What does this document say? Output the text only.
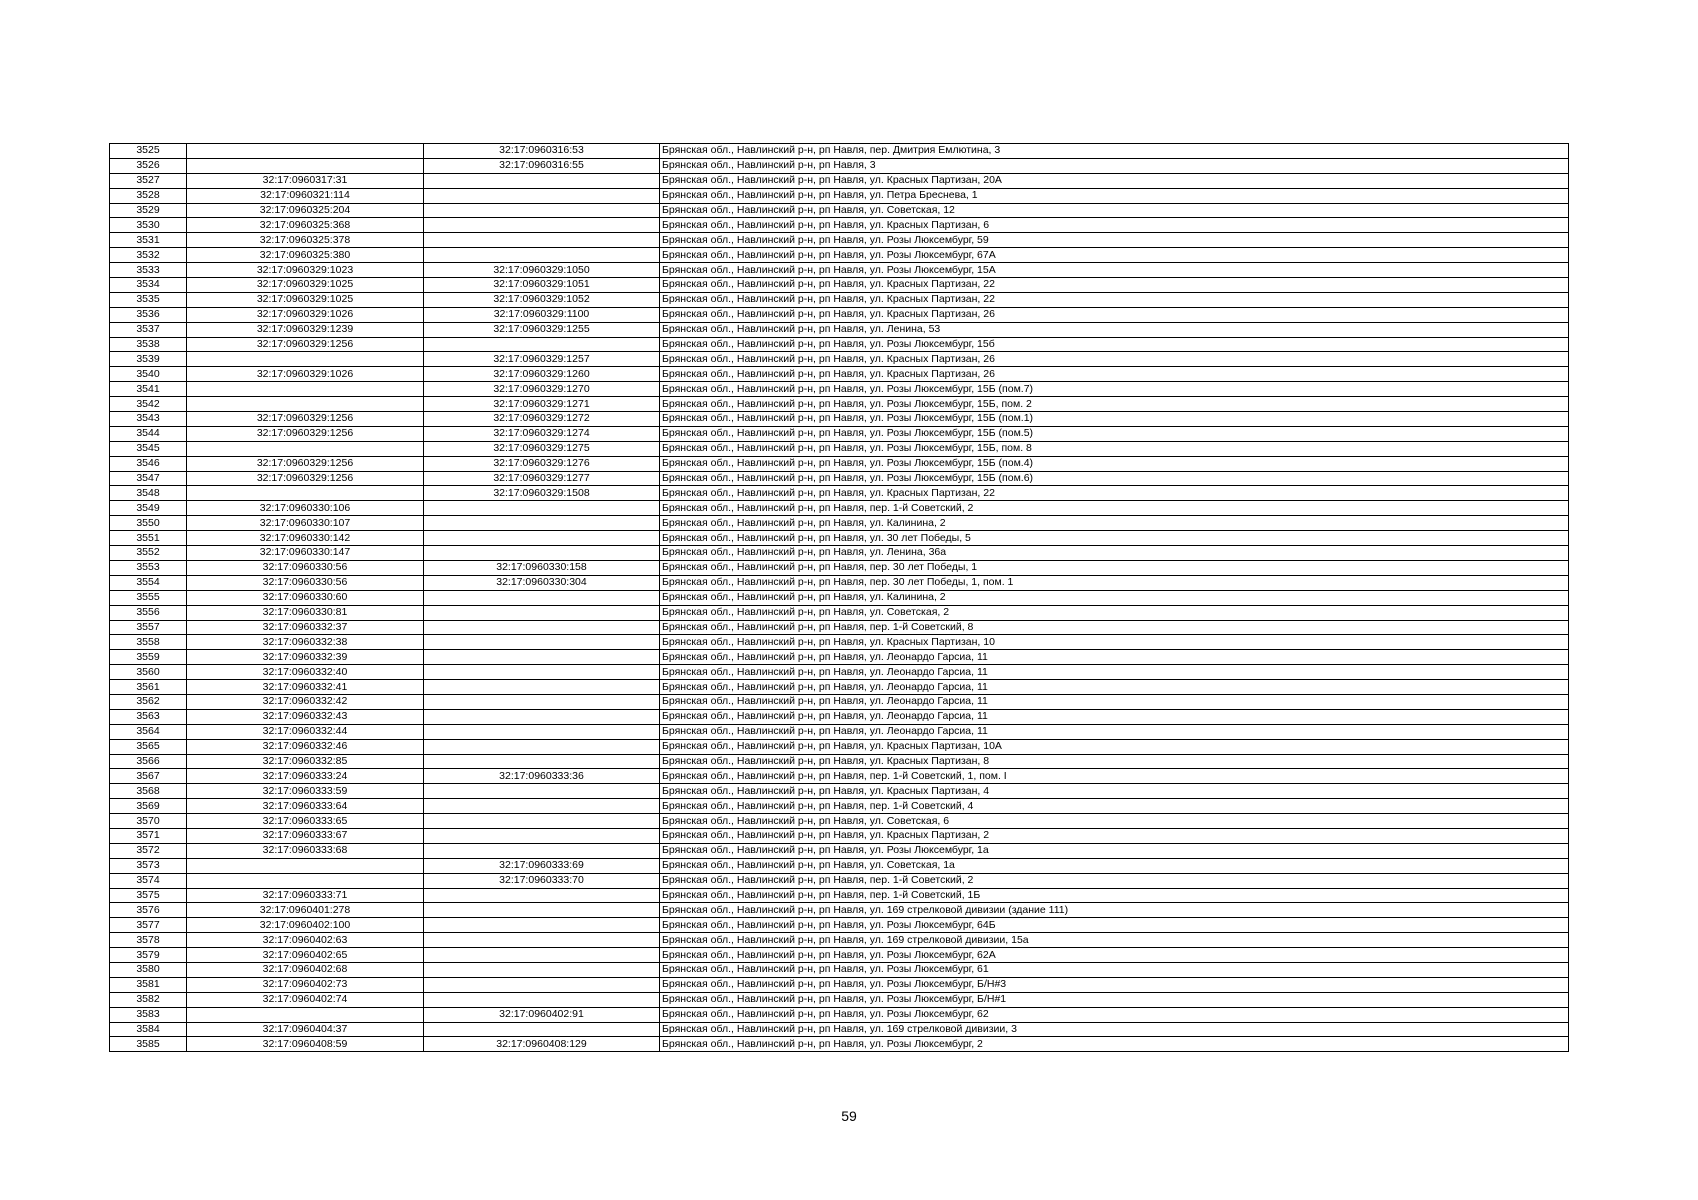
3525		32:17:0960316:53	Брянская обл., Навлинский р-н, рп Навля, пер. Дмитрия Емлютина, 3
3526		32:17:0960316:55	Брянская обл., Навлинский р-н, рп Навля, 3
3527	32:17:0960317:31		Брянская обл., Навлинский р-н, рп Навля, ул. Красных Партизан, 20А
3528	32:17:0960321:114		Брянская обл., Навлинский р-н, рп Навля, ул. Петра Бреснева, 1
3529	32:17:0960325:204		Брянская обл., Навлинский р-н, рп Навля, ул. Советская, 12
3530	32:17:0960325:368		Брянская обл., Навлинский р-н, рп Навля, ул. Красных Партизан, 6
3531	32:17:0960325:378		Брянская обл., Навлинский р-н, рп Навля, ул. Розы Люксембург, 59
3532	32:17:0960325:380		Брянская обл., Навлинский р-н, рп Навля, ул. Розы Люксембург, 67А
3533	32:17:0960329:1023	32:17:0960329:1050	Брянская обл., Навлинский р-н, рп Навля, ул. Розы Люксембург, 15А
3534	32:17:0960329:1025	32:17:0960329:1051	Брянская обл., Навлинский р-н, рп Навля, ул. Красных Партизан, 22
3535	32:17:0960329:1025	32:17:0960329:1052	Брянская обл., Навлинский р-н, рп Навля, ул. Красных Партизан, 22
3536	32:17:0960329:1026	32:17:0960329:1100	Брянская обл., Навлинский р-н, рп Навля, ул. Красных Партизан, 26
3537	32:17:0960329:1239	32:17:0960329:1255	Брянская обл., Навлинский р-н, рп Навля, ул. Ленина, 53
3538	32:17:0960329:1256		Брянская обл., Навлинский р-н, рп Навля, ул. Розы Люксембург, 15б
3539		32:17:0960329:1257	Брянская обл., Навлинский р-н, рп Навля, ул. Красных Партизан, 26
3540	32:17:0960329:1026	32:17:0960329:1260	Брянская обл., Навлинский р-н, рп Навля, ул. Красных Партизан, 26
3541		32:17:0960329:1270	Брянская обл., Навлинский р-н, рп Навля, ул. Розы Люксембург, 15Б (пом.7)
3542		32:17:0960329:1271	Брянская обл., Навлинский р-н, рп Навля, ул. Розы Люксембург, 15Б, пом. 2
3543	32:17:0960329:1256	32:17:0960329:1272	Брянская обл., Навлинский р-н, рп Навля, ул. Розы Люксембург, 15Б (пом.1)
3544	32:17:0960329:1256	32:17:0960329:1274	Брянская обл., Навлинский р-н, рп Навля, ул. Розы Люксембург, 15Б (пом.5)
3545		32:17:0960329:1275	Брянская обл., Навлинский р-н, рп Навля, ул. Розы Люксембург, 15Б, пом. 8
3546	32:17:0960329:1256	32:17:0960329:1276	Брянская обл., Навлинский р-н, рп Навля, ул. Розы Люксембург, 15Б (пом.4)
3547	32:17:0960329:1256	32:17:0960329:1277	Брянская обл., Навлинский р-н, рп Навля, ул. Розы Люксембург, 15Б (пом.6)
3548		32:17:0960329:1508	Брянская обл., Навлинский р-н, рп Навля, ул. Красных Партизан, 22
3549	32:17:0960330:106		Брянская обл., Навлинский р-н, рп Навля, пер. 1-й Советский, 2
3550	32:17:0960330:107		Брянская обл., Навлинский р-н, рп Навля, ул. Калинина, 2
3551	32:17:0960330:142		Брянская обл., Навлинский р-н, рп Навля, ул. 30 лет Победы, 5
3552	32:17:0960330:147		Брянская обл., Навлинский р-н, рп Навля, ул. Ленина, 36а
3553	32:17:0960330:56	32:17:0960330:158	Брянская обл., Навлинский р-н, рп Навля, пер. 30 лет Победы, 1
3554	32:17:0960330:56	32:17:0960330:304	Брянская обл., Навлинский р-н, рп Навля, пер. 30 лет Победы, 1, пом. 1
3555	32:17:0960330:60		Брянская обл., Навлинский р-н, рп Навля, ул. Калинина, 2
3556	32:17:0960330:81		Брянская обл., Навлинский р-н, рп Навля, ул. Советская, 2
3557	32:17:0960332:37		Брянская обл., Навлинский р-н, рп Навля, пер. 1-й Советский, 8
3558	32:17:0960332:38		Брянская обл., Навлинский р-н, рп Навля, ул. Красных Партизан, 10
3559	32:17:0960332:39		Брянская обл., Навлинский р-н, рп Навля, ул. Леонардо Гарсиа, 11
3560	32:17:0960332:40		Брянская обл., Навлинский р-н, рп Навля, ул. Леонардо Гарсиа, 11
3561	32:17:0960332:41		Брянская обл., Навлинский р-н, рп Навля, ул. Леонардо Гарсиа, 11
3562	32:17:0960332:42		Брянская обл., Навлинский р-н, рп Навля, ул. Леонардо Гарсиа, 11
3563	32:17:0960332:43		Брянская обл., Навлинский р-н, рп Навля, ул. Леонардо Гарсиа, 11
3564	32:17:0960332:44		Брянская обл., Навлинский р-н, рп Навля, ул. Леонардо Гарсиа, 11
3565	32:17:0960332:46		Брянская обл., Навлинский р-н, рп Навля, ул. Красных Партизан, 10А
3566	32:17:0960332:85		Брянская обл., Навлинский р-н, рп Навля, ул. Красных Партизан, 8
3567	32:17:0960333:24	32:17:0960333:36	Брянская обл., Навлинский р-н, рп Навля, пер. 1-й Советский, 1, пом. I
3568	32:17:0960333:59		Брянская обл., Навлинский р-н, рп Навля, ул. Красных Партизан, 4
3569	32:17:0960333:64		Брянская обл., Навлинский р-н, рп Навля, пер. 1-й Советский, 4
3570	32:17:0960333:65		Брянская обл., Навлинский р-н, рп Навля, ул. Советская, 6
3571	32:17:0960333:67		Брянская обл., Навлинский р-н, рп Навля, ул. Красных Партизан, 2
3572	32:17:0960333:68		Брянская обл., Навлинский р-н, рп Навля, ул. Розы Люксембург, 1а
3573		32:17:0960333:69	Брянская обл., Навлинский р-н, рп Навля, ул. Советская, 1а
3574		32:17:0960333:70	Брянская обл., Навлинский р-н, рп Навля, пер. 1-й Советский, 2
3575	32:17:0960333:71		Брянская обл., Навлинский р-н, рп Навля, пер. 1-й Советский, 1Б
3576	32:17:0960401:278		Брянская обл., Навлинский р-н, рп Навля, ул. 169 стрелковой дивизии (здание 111)
3577	32:17:0960402:100		Брянская обл., Навлинский р-н, рп Навля, ул. Розы Люксембург, 64Б
3578	32:17:0960402:63		Брянская обл., Навлинский р-н, рп Навля, ул. 169 стрелковой дивизии, 15а
3579	32:17:0960402:65		Брянская обл., Навлинский р-н, рп Навля, ул. Розы Люксембург, 62А
3580	32:17:0960402:68		Брянская обл., Навлинский р-н, рп Навля, ул. Розы Люксембург, 61
3581	32:17:0960402:73		Брянская обл., Навлинский р-н, рп Навля, ул. Розы Люксембург, Б/Н#3
3582	32:17:0960402:74		Брянская обл., Навлинский р-н, рп Навля, ул. Розы Люксембург, Б/Н#1
3583		32:17:0960402:91	Брянская обл., Навлинский р-н, рп Навля, ул. Розы Люксембург, 62
3584	32:17:0960404:37		Брянская обл., Навлинский р-н, рп Навля, ул. 169 стрелковой дивизии, 3
3585	32:17:0960408:59	32:17:0960408:129	Брянская обл., Навлинский р-н, рп Навля, ул. Розы Люксембург, 2
59
